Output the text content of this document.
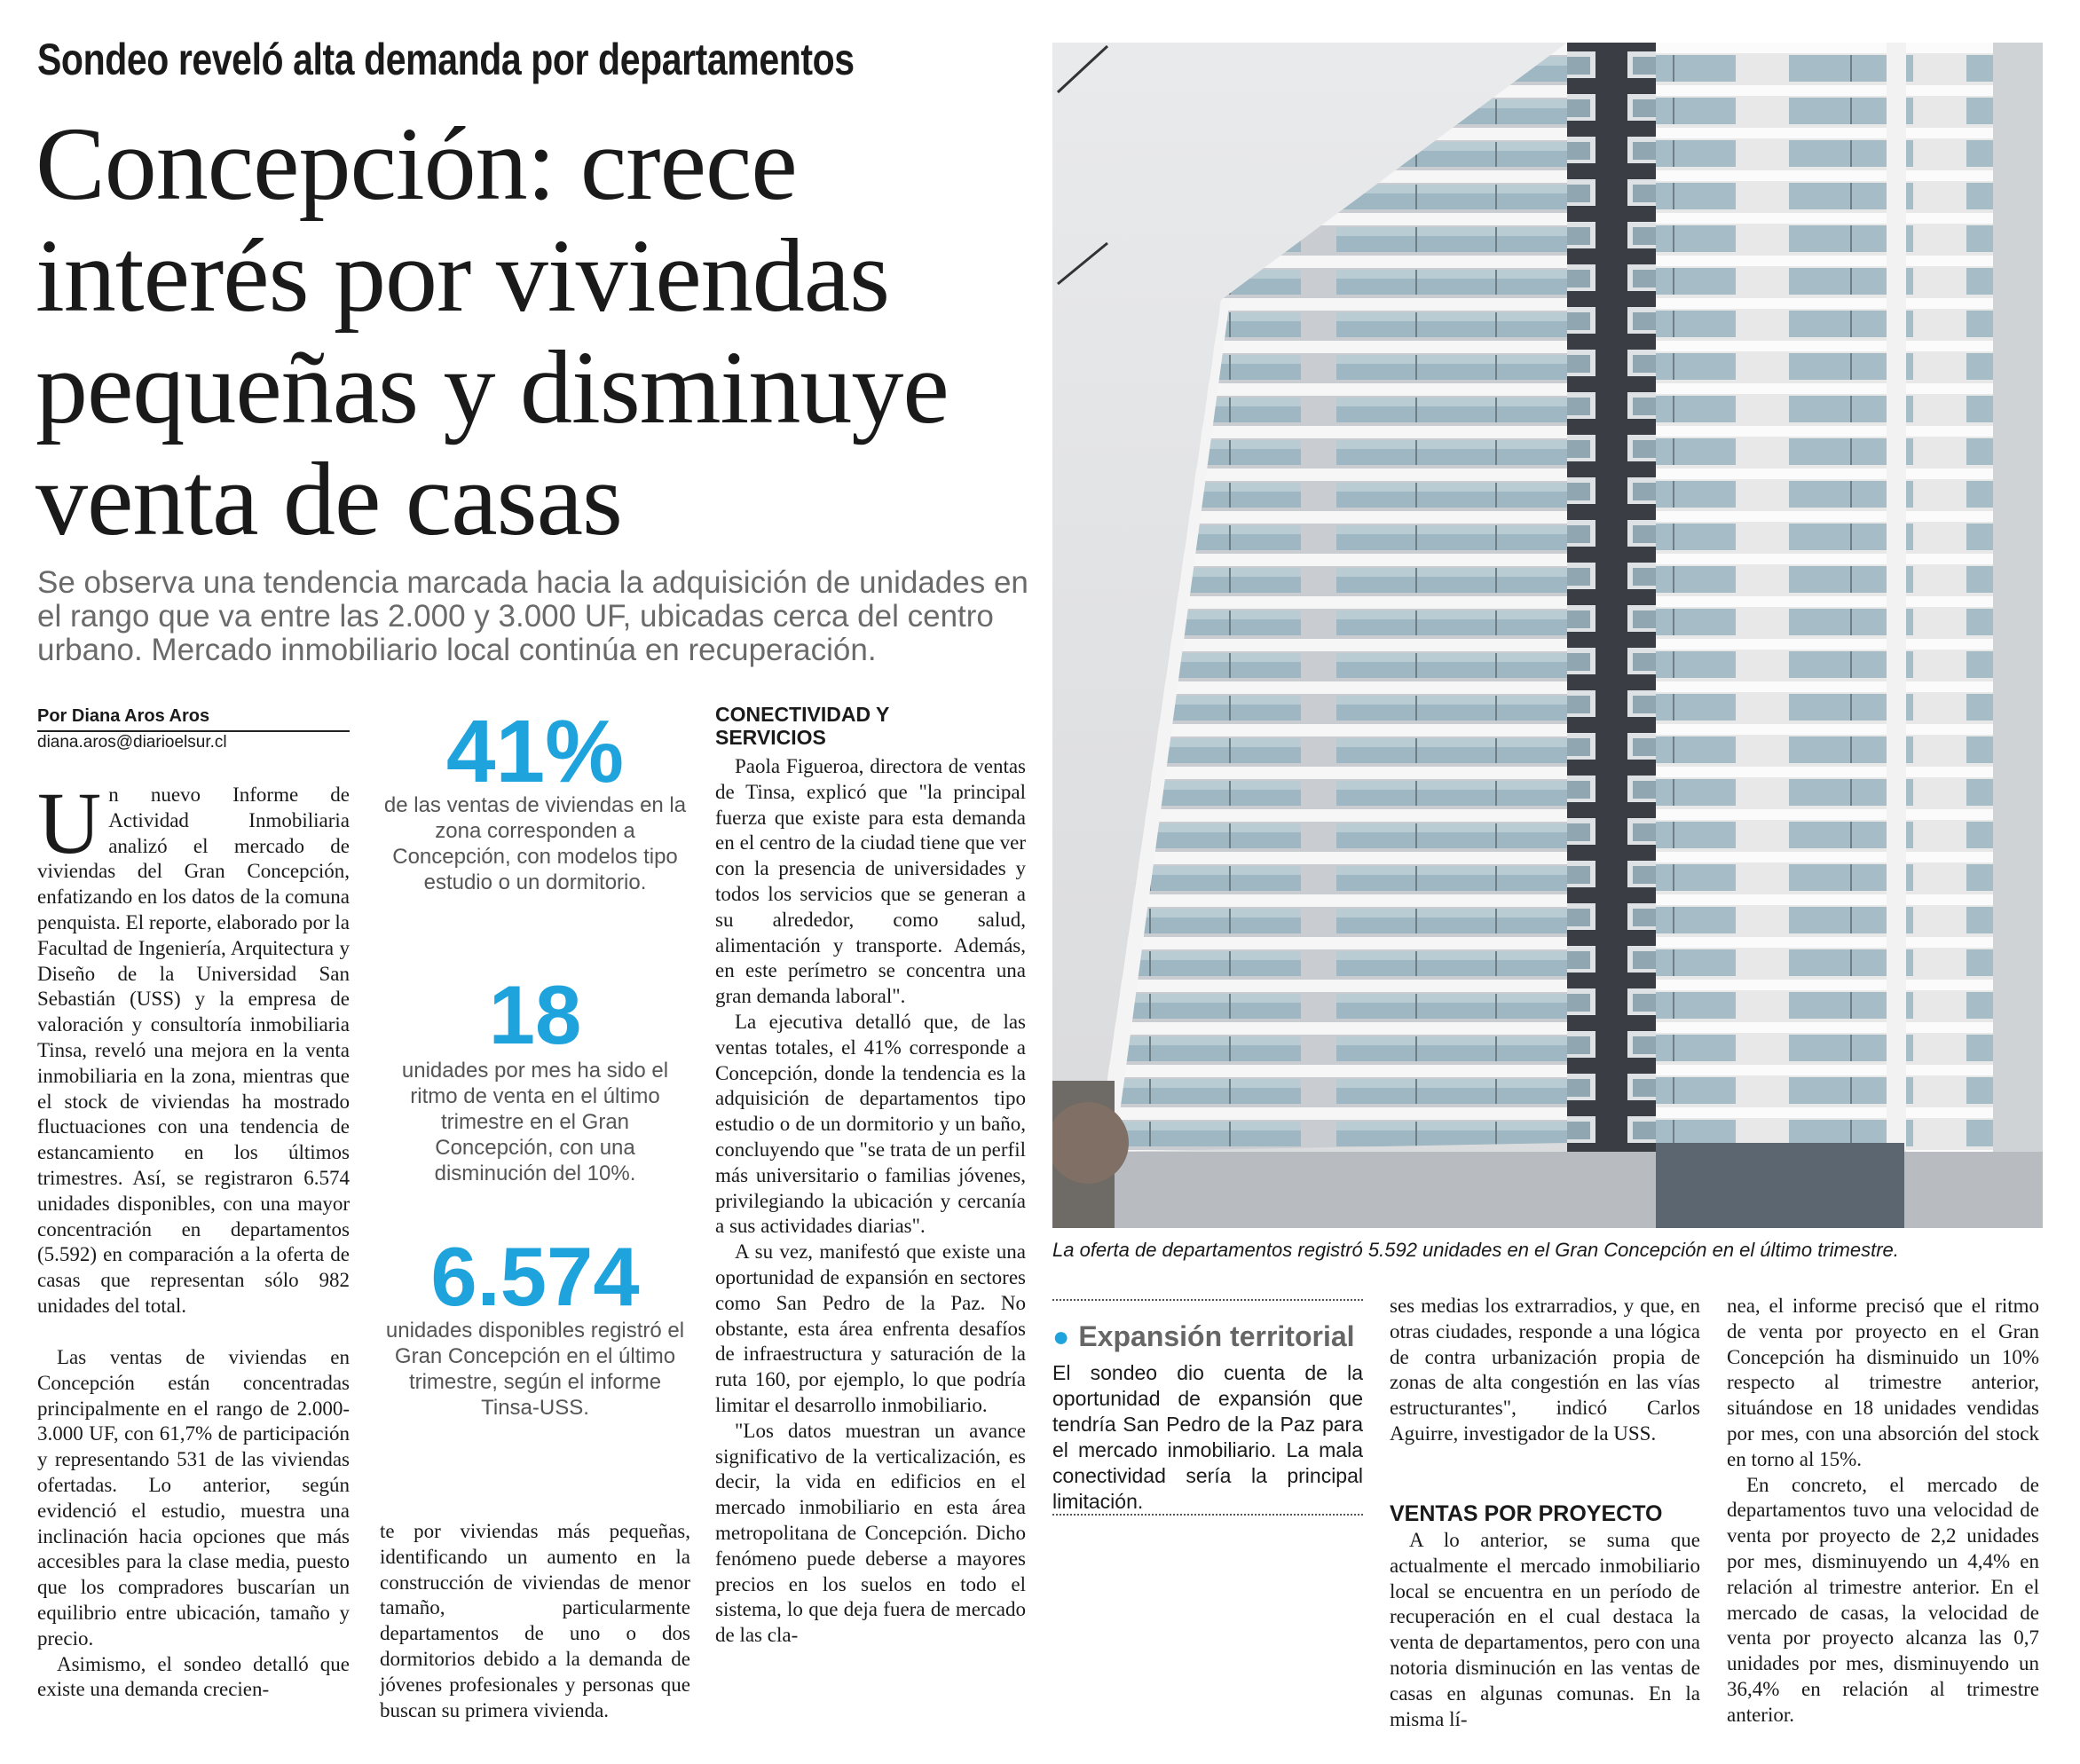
Sondeo reveló alta demanda por departamentos
Concepción: crece interés por viviendas pequeñas y disminuye venta de casas
Se observa una tendencia marcada hacia la adquisición de unidades en el rango que va entre las 2.000 y 3.000 UF, ubicadas cerca del centro urbano. Mercado inmobiliario local continúa en recuperación.
Por Diana Aros Aros
diana.aros@diarioelsur.cl

Un nuevo Informe de Actividad Inmobiliaria analizó el mercado de viviendas del Gran Concepción, enfatizando en los datos de la comuna penquista. El reporte, elaborado por la Facultad de Ingeniería, Arquitectura y Diseño de la Universidad San Sebastián (USS) y la empresa de valoración y consultoría inmobiliaria Tinsa, reveló una mejora en la venta inmobiliaria en la zona, mientras que el stock de viviendas ha mostrado fluctuaciones con una tendencia de estancamiento en los últimos trimestres. Así, se registraron 6.574 unidades disponibles, con una mayor concentración en departamentos (5.592) en comparación a la oferta de casas que representan sólo 982 unidades del total.

Las ventas de viviendas en Concepción están concentradas principalmente en el rango de 2.000-3.000 UF, con 61,7% de participación y representando 531 de las viviendas ofertadas. Lo anterior, según evidenció el estudio, muestra una inclinación hacia opciones que más accesibles para la clase media, puesto que los compradores buscarían un equilibrio entre ubicación, tamaño y precio.

Asimismo, el sondeo detalló que existe una demanda crecien-

41%
de las ventas de viviendas en la zona corresponden a Concepción, con modelos tipo estudio o un dormitorio.
18
unidades por mes ha sido el ritmo de venta en el último trimestre en el Gran Concepción, con una disminución del 10%.
6.574
unidades disponibles registró el Gran Concepción en el último trimestre, según el informe Tinsa-USS.

te por viviendas más pequeñas, identificando un aumento en la construcción de viviendas de menor tamaño, particularmente departamentos de uno o dos dormitorios debido a la demanda de jóvenes profesionales y personas que buscan su primera vivienda.

CONECTIVIDAD Y SERVICIOS

Paola Figueroa, directora de ventas de Tinsa, explicó que "la principal fuerza que existe para esta demanda en el centro de la ciudad tiene que ver con la presencia de universidades y todos los servicios que se generan a su alrededor, como salud, alimentación y transporte. Además, en este perímetro se concentra una gran demanda laboral".

La ejecutiva detalló que, de las ventas totales, el 41% corresponde a Concepción, donde la tendencia es la adquisición de departamentos tipo estudio o de un dormitorio y un baño, concluyendo que "se trata de un perfil más universitario o familias jóvenes, privilegiando la ubicación y cercanía a sus actividades diarias".

A su vez, manifestó que existe una oportunidad de expansión en sectores como San Pedro de la Paz. No obstante, esta área enfrenta desafíos de infraestructura y saturación de la ruta 160, por ejemplo, lo que podría limitar el desarrollo inmobiliario.

"Los datos muestran un avance significativo de la verticalización, es decir, la vida en edificios en el mercado inmobiliario en esta área metropolitana de Concepción. Dicho fenómeno puede deberse a mayores precios en los suelos en todo el sistema, lo que deja fuera de mercado de las cla-

La oferta de departamentos registró 5.592 unidades en el Gran Concepción en el último trimestre.
● Expansión territorial
El sondeo dio cuenta de la oportunidad de expansión que tendría San Pedro de la Paz para el mercado inmobiliario. La mala conectividad sería la principal limitación.

ses medias los extrarradios, y que, en otras ciudades, responde a una lógica de contra urbanización propia de zonas de alta congestión en las vías estructurantes", indicó Carlos Aguirre, investigador de la USS.

VENTAS POR PROYECTO

A lo anterior, se suma que actualmente el mercado inmobiliario local se encuentra en un período de recuperación en el cual destaca la venta de departamentos, pero con una notoria disminución en las ventas de casas en algunas comunas. En la misma lí-

nea, el informe precisó que el ritmo de venta por proyecto en el Gran Concepción ha disminuido un 10% respecto al trimestre anterior, situándose en 18 unidades vendidas por mes, con una absorción del stock en torno al 15%.

En concreto, el mercado de departamentos tuvo una velocidad de venta por proyecto de 2,2 unidades por mes, disminuyendo un 4,4% en relación al trimestre anterior. En el mercado de casas, la velocidad de venta por proyecto alcanza las 0,7 unidades por mes, disminuyendo un 36,4% en relación al trimestre anterior.
